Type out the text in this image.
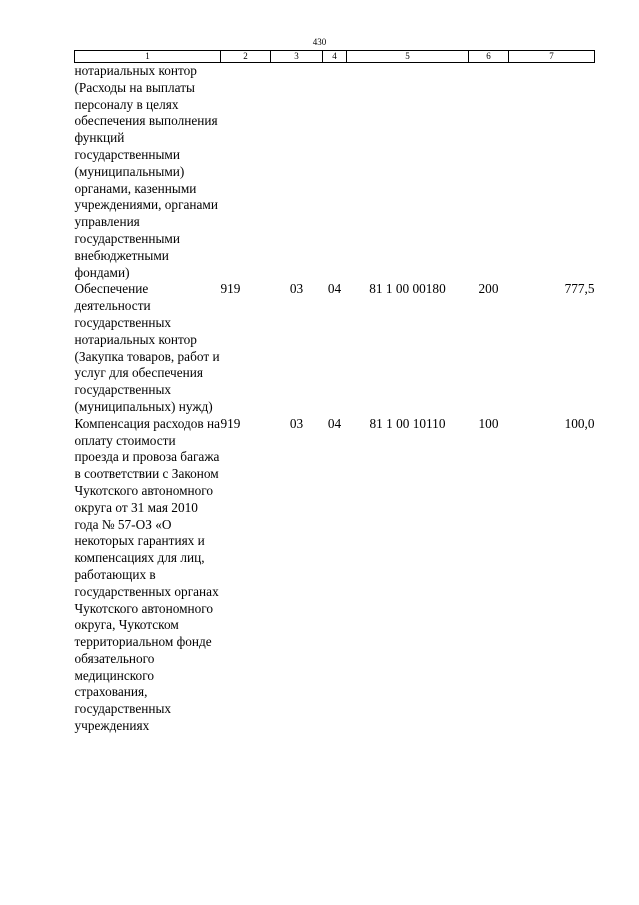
430
1	2	3	4	5	6	7
нотариальных контор (Расходы на выплаты персоналу в целях обеспечения выполнения функций государственными (муниципальными) органами, казенными учреждениями, органами управления государственными внебюджетными фондами)						
Обеспечение деятельности государственных нотариальных контор (Закупка товаров, работ и услуг для обеспечения государственных (муниципальных) нужд)	919	03	04	81 1 00 00180	200	777,5
Компенсация расходов на оплату стоимости проезда и провоза багажа в соответствии с Законом Чукотского автономного округа от 31 мая 2010 года № 57-ОЗ «О некоторых гарантиях и компенсациях для лиц, работающих в государственных органах Чукотского автономного округа, Чукотском территориальном фонде обязательного медицинского страхования, государственных учреждениях	919	03	04	81 1 00 10110	100	100,0
